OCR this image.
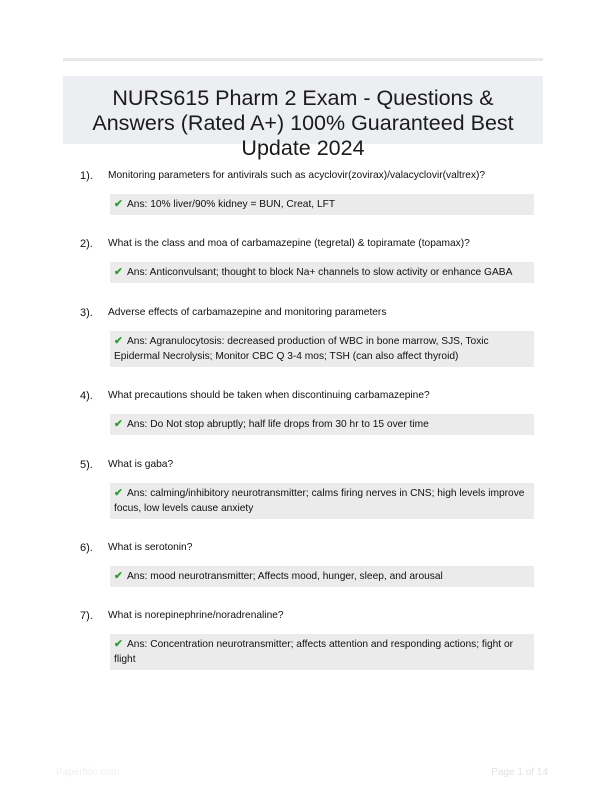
NURS615 Pharm 2 Exam - Questions & Answers (Rated A+) 100% Guaranteed Best Update 2024
1). Monitoring parameters for antivirals such as acyclovir(zovirax)/valacyclovir(valtrex)?
✔ Ans: 10% liver/90% kidney = BUN, Creat, LFT
2). What is the class and moa of carbamazepine (tegretal) & topiramate (topamax)?
✔ Ans: Anticonvulsant; thought to block Na+ channels to slow activity or enhance GABA
3). Adverse effects of carbamazepine and monitoring parameters
✔ Ans: Agranulocytosis: decreased production of WBC in bone marrow, SJS, Toxic Epidermal Necrolysis; Monitor CBC Q 3-4 mos; TSH (can also affect thyroid)
4). What precautions should be taken when discontinuing carbamazepine?
✔ Ans: Do Not stop abruptly; half life drops from 30 hr to 15 over time
5). What is gaba?
✔ Ans: calming/inhibitory neurotransmitter; calms firing nerves in CNS; high levels improve focus, low levels cause anxiety
6). What is serotonin?
✔ Ans: mood neurotransmitter; Affects mood, hunger, sleep, and arousal
7). What is norepinephrine/noradrenaline?
✔ Ans: Concentration neurotransmitter; affects attention and responding actions; fight or flight
Paperfitic.com	Page 1 of 14
